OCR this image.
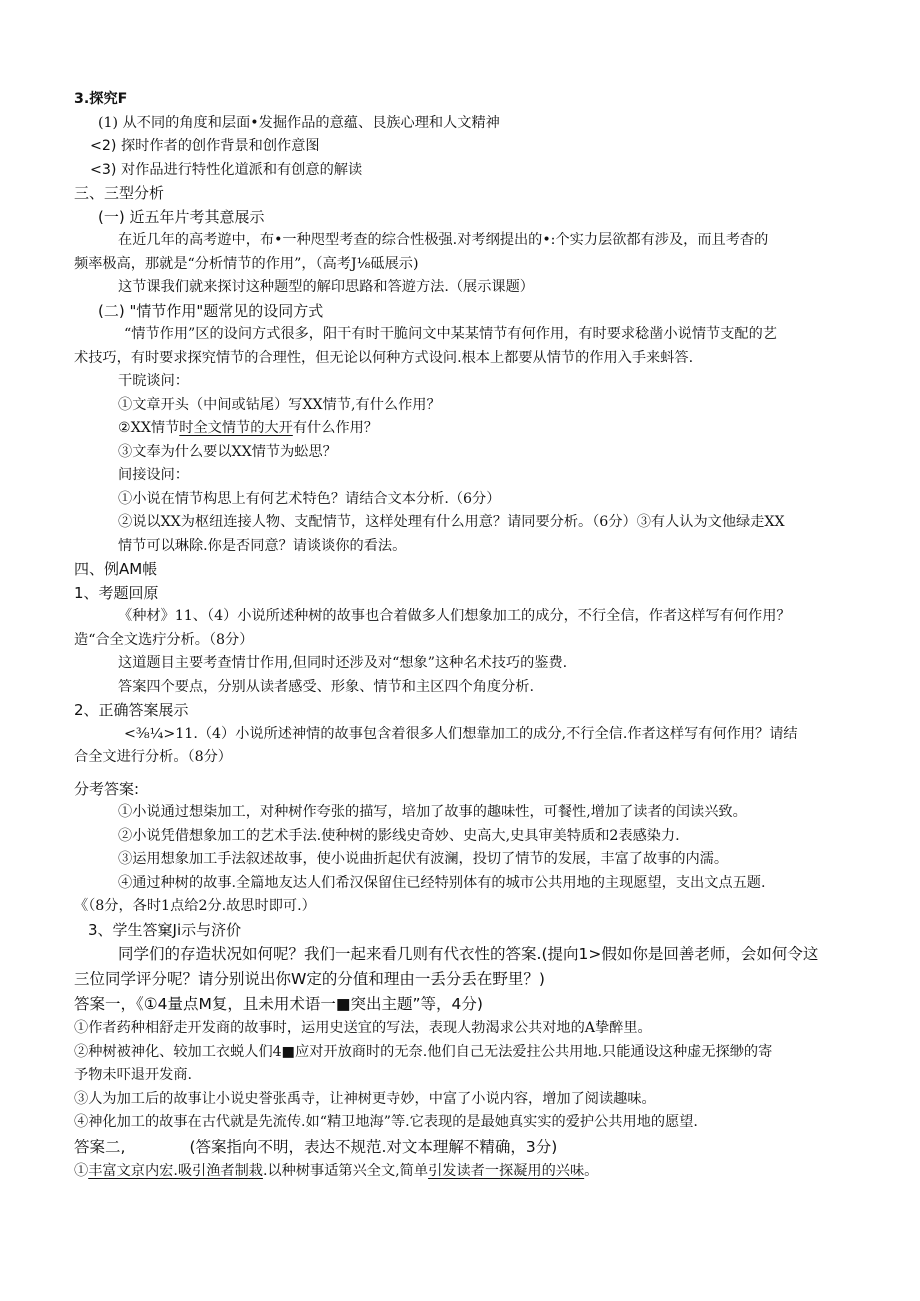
3.探究F
(1) 从不同的角度和层面•发掘作品的意蕴、艮族心理和人文精神
<2) 探时作者的创作背景和创作意图
<3) 对作品进行特性化道派和有创意的解读
三、三型分析
(一) 近五年片考其意展示
在近几年的高考遊中，布•一种咫型考查的综合性极强.对考纲提出的•:个实力层欲都有涉及，而且考杳的
频率极高，那就是“分析情节的作用”，（高考J⅛砥展示)
这节课我们就来探讨这种题型的解印思路和答遊方法.（展示课题）
(二) "情节作用"题常见的设同方式
“情节作用”区的设问方式很多，阳干有时干脆问文中某某情节有何作用，有时要求稔凿小说情节支配的艺
术技巧，有时要求探究情节的合理性，但无论以何种方式设问.根本上都要从情节的作用入手来蚪答.
干晥谈问：
①文章开头（中间或钻尾）写XX情节,有什么作用？
②XX情节时全文情节的大开有什么作用？
③文奉为什么要以XX情节为蚣思？
间接设问：
①小说在情节构思上有何艺术特色？请结合文本分析.（6分）
②说以XX为枢纽连接人物、支配情节，这样处理有什么用意？请同要分析。（6分）③有人认为文他绿走XX
情节可以琳除.你是否同意？请谈谈你的看法。
四、例AM帳
1、考题回原
《种材》11、（4）小说所述种树的故事也合着做多人们想象加工的成分，不行全信，作者这样写有何作用？
造“合全文选疔分析。（8分）
这道题目主要考查情廿作用,但同时还涉及对“想象”这种名术技巧的鉴费.
答案四个要点，分别从读者感受、形象、情节和主区四个角度分析.
2、正确答案展示
<⅜¼>11.（4）小说所述神情的故事包含着很多人们想靠加工的成分,不行全信.作者这样写有何作用？请结
合全文进行分析。（8分）
分考答案:
①小说通过想柒加工，对种树作夸张的描写，培加了故事的趣味性，可餐性,增加了读者的闰读兴致。
②小说凭借想象加工的艺术手法.使种树的影线史奇妙、史高大,史具审美特质和2表感染力.
③运用想象加工手法叙述故事，使小说曲折起伏有波澜，投切了情节的发展，丰富了故事的内濡。
④通过种树的故事.全篇地友达人们希汉保留住已经特别体有的城市公共用地的主现愿望，支出文点五题.
《（8分，各时1点给2分.故思时即可.）
3、学生答窠Ji示与济价
同学们的存造状况如何呢？我们一起来看几则有代衣性的答案.(提向1>假如你是回善老师，会如何令这
三位同学评分呢？请分别说出你W定的分值和理由一丢分丢在野里？)
答案一，《①4量点M复，且未用术语一■突出主题”等，4分)
①作者药种相舒走开发商的故事时，运用史送宜的写法，表现人勃渴求公共对地的A挚醉里。
②种树被神化、较加工衣蜕人们4■应对开放商时的无奈.他们自己无法爱拄公共用地.只能通设这种虚无探缈的寄
予物未吓退开发商.
③人为加工后的故事让小说史誉张禹寺，让神树更寺妙，中富了小说内容，增加了阅读趣味。
④神化加工的故事在古代就是先流传.如“精卫地海”等.它表现的是最她真实实的爱护公共用地的愿望.
答案二,	(答案指向不明，表达不规范.对文本理解不精确，3分)
①丰富文京内宏.吸引渔者制栽.以种树事适第兴全文,简单引发读者一探凝用的兴味。
